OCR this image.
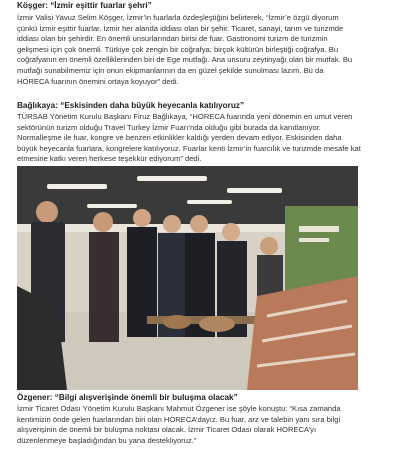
Köşger: “İzmir eşittir fuarlar şehri”

İzmir Valisi Yavuz Selim Köşger, İzmir’in fuarlarla özdeşleştiğini belirterek, “İzmir’e özgü diyorum çünkü İzmir eşittir fuarlar. İzmir her alanda iddiası olan bir şehir. Ticaret, sanayi, tarım ve turizmde iddiası olan bir şehirdir. En önemli unsurlarından birisi de fuar. Gastronomi turizm de turizmin gelişmesi için çok önemli. Türkiye çok zengin bir coğrafya; birçok kültürün birleştiği coğrafya. Bu coğrafyanın en önemli özelliklerinden biri de Ege mutfağı. Ana unsuru zeytinyağı olan bir mutfak. Bu mutfağı sunabilmemiz için onun ekipmanlarının da en güzel şekilde sunulması lazım. Bu da HORECA fuarının önemini ortaya koyuyor” dedi.

Bağlıkaya: “Eskisinden daha büyük heyecanla katılıyoruz”

TÜRSAB Yönetim Kurulu Başkanı Firuz Bağlıkaya, “HORECA fuarında yeni dönemin en umut veren sektörünün turizm olduğu Travel Turkey İzmir Fuarı’nda olduğu gibi burada da kanıtlanıyor. Normalleşme ile fuar, kongre ve benzeri etkinlikler kaldığı yerden devam ediyor. Eskisinden daha büyük heyecanla fuarlara, kongrelere katılıyoruz. Fuarlar kenti İzmir’in fuarcılık ve turizmde mesafe kat etmesine katkı veren herkese teşekkür ediyorum” dedi.

Özgener: “Bilgi alışverişinde önemli bir buluşma olacak”

İzmir Ticaret Odası Yönetim Kurulu Başkanı Mahmut Özgener ise şöyle konuştu: “Kısa zamanda kentimizin önde gelen fuarlarından biri olan HORECA’dayız. Bu fuar, arz ve talebin yanı sıra bilgi alışverişinin de önemli bir buluşma noktası olacak. İzmir Ticaret Odası olarak HORECA’yı düzenlenmeye başladığından bu yana destekliyoruz.”
